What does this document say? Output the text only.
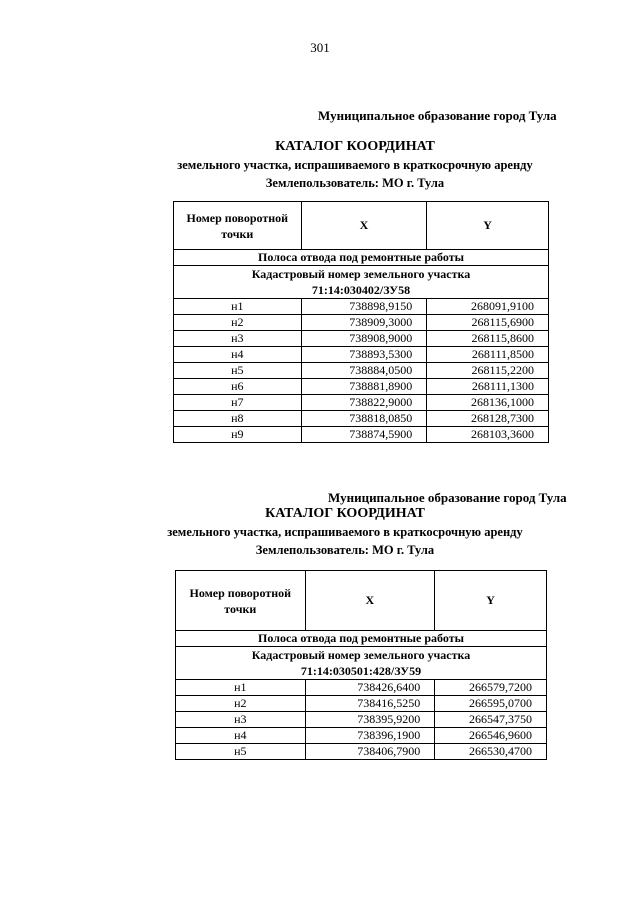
301
Муниципальное образование город Тула
КАТАЛОГ КООРДИНАТ
земельного участка, испрашиваемого в краткосрочную аренду
Землепользователь: МО г. Тула
Номер поворотной точки	X	Y
Полоса отвода под ремонтные работы		

Кадастровый номер земельного участка
71:14:030402/ЗУ58		

н1	738898,9150	268091,9100
н2	738909,3000	268115,6900
н3	738908,9000	268115,8600
н4	738893,5300	268111,8500
н5	738884,0500	268115,2200
н6	738881,8900	268111,1300
н7	738822,9000	268136,1000
н8	738818,0850	268128,7300
н9	738874,5900	268103,3600
Муниципальное образование город Тула
КАТАЛОГ КООРДИНАТ
земельного участка, испрашиваемого в краткосрочную аренду
Землепользователь: МО г. Тула
Номер поворотной точки	X	Y
Полоса отвода под ремонтные работы		

Кадастровый номер земельного участка
71:14:030501:428/ЗУ59		

н1	738426,6400	266579,7200
н2	738416,5250	266595,0700
н3	738395,9200	266547,3750
н4	738396,1900	266546,9600
н5	738406,7900	266530,4700
